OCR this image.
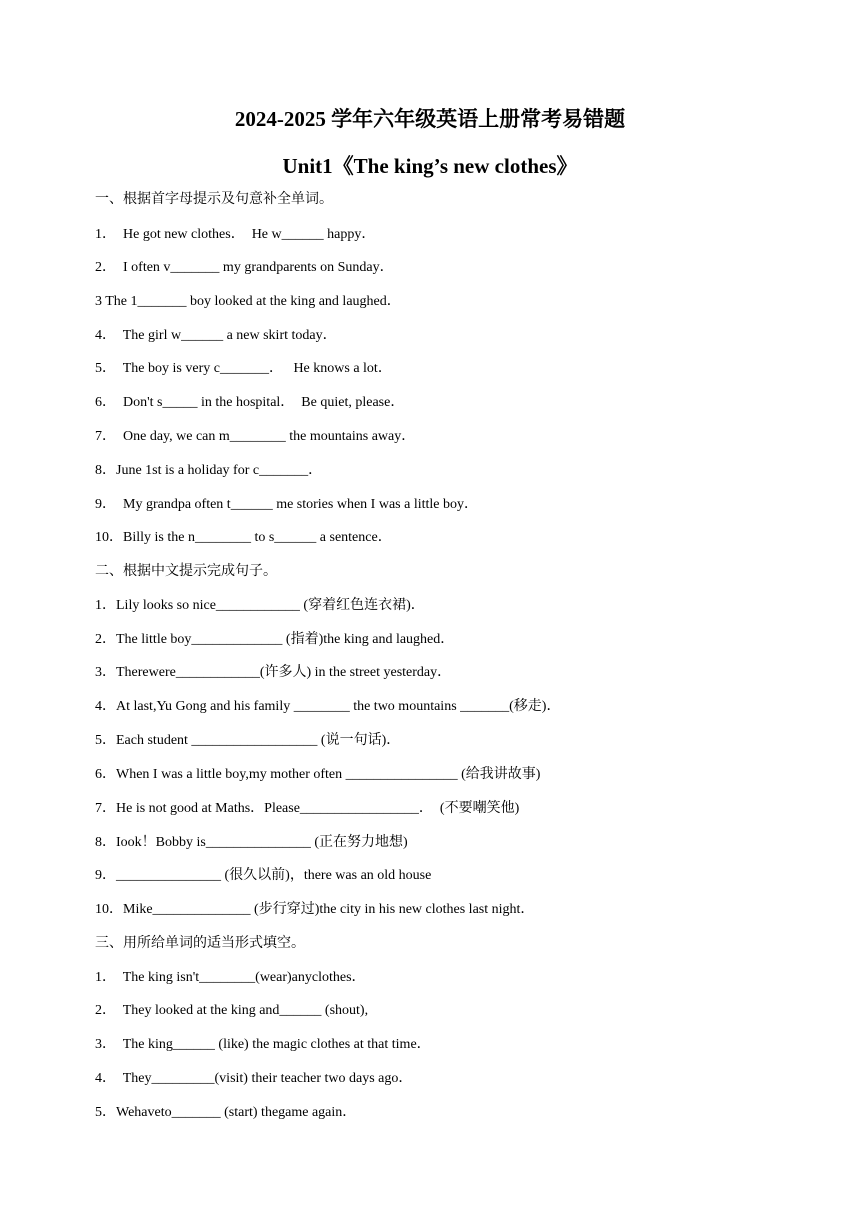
2024-2025 学年六年级英语上册常考易错题
Unit1《The king’s new clothes》
一、根据首字母提示及句意补全单词。
1．  He got new clothes．  He w______ happy．
2．  I often v_______ my grandparents on Sunday．
3 The 1_______ boy looked at the king and laughed．
4．  The girl w______ a new skirt today．
5．  The boy is very c_______．   He knows a lot．
6．  Don't s_____ in the hospital．  Be quiet, please．
7．  One day, we can m________ the mountains away．
8．June 1st is a holiday for c_______．
9．  My grandpa often t______ me stories when I was a little boy．
10．Billy is the n________ to s______ a sentence．
二、根据中文提示完成句子。
1．Lily looks so nice____________ (穿着红色连衣裙)．
2．The little boy_____________ (指着)the king and laughed．
3．Therewere____________(许多人) in the street yesterday．
4．At last,Yu Gong and his family ________ the two mountains _______(移走)．
5．Each student __________________ (说一句话)．
6．When I was a little boy,my mother often ________________ (给我讲故事)
7．He is not good at Maths．Please_________________．  (不要嘲笑他)
8．Iook！Bobby is_______________ (正在努力地想)
9．_______________ (很久以前)，there was an old house
10．Mike______________ (步行穿过)the city in his new clothes last night．
三、用所给单词的适当形式填空。
1．  The king isn't________(wear)anyclothes．
2．  They looked at the king and______ (shout),
3．  The king______ (like) the magic clothes at that time．
4．  They_________(visit) their teacher two days ago．
5．Wehaveto_______ (start) thegame again．
